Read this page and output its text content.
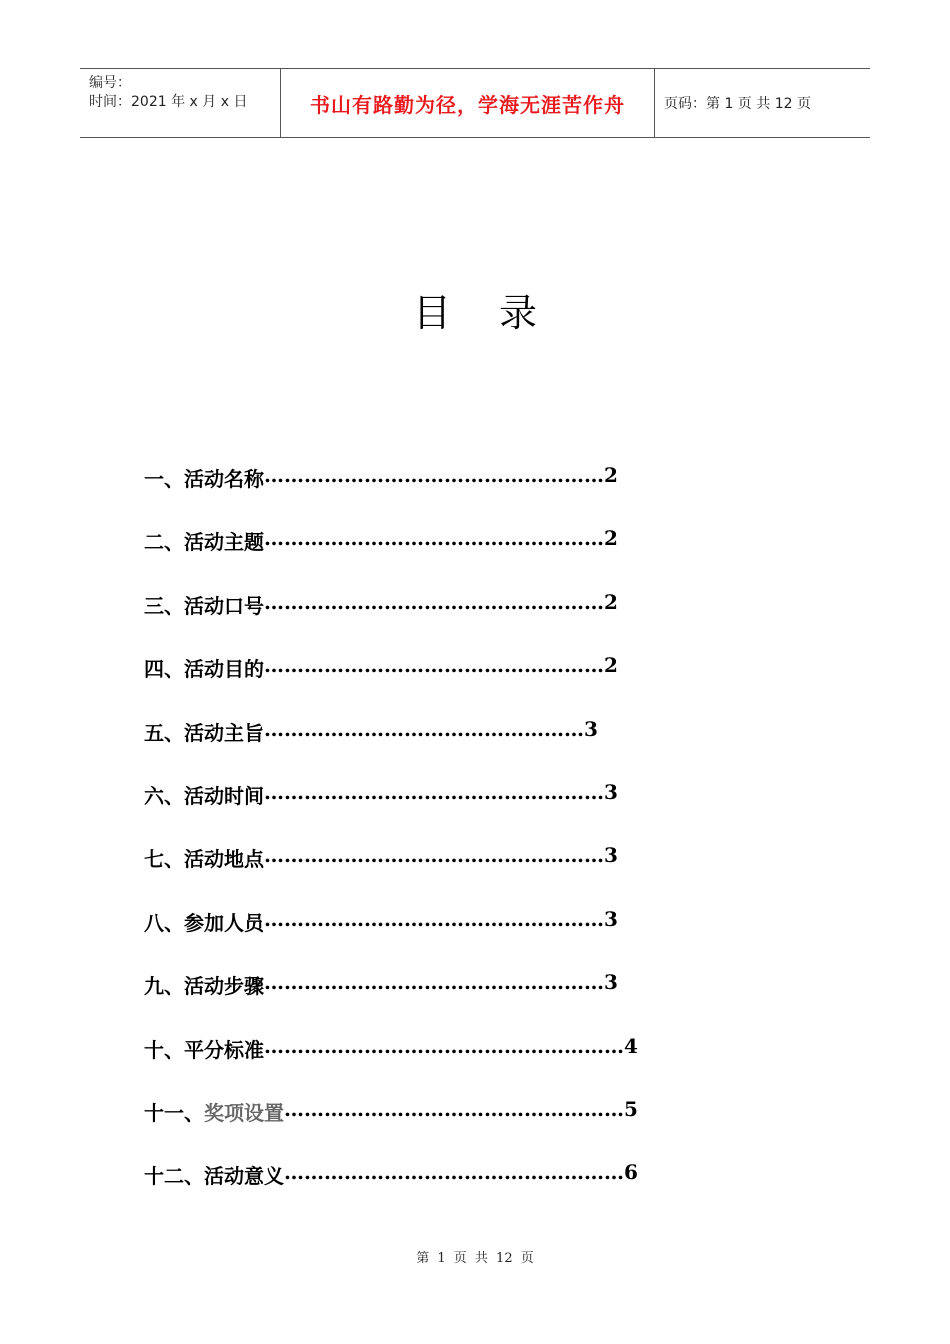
编号：
时间：2021 年 x 月 x 日	书山有路勤为径，学海无涯苦作舟	页码：第 1 页 共 12 页
目录
一、 活动名称 …………………………………………… 2
二、 活动主题 …………………………………………… 2
三、 活动口号 …………………………………………… 2
四、 活动目的 …………………………………………… 2
五、 活动主旨 ………………………………………… 3
六、 活动时间 …………………………………………… 3
七、 活动地点 …………………………………………… 3
八、 参加人员 …………………………………………… 3
九、 活动步骤 …………………………………………… 3
十、 平分标准 ……………………………………………… 4
十一、 奖项设置 …………………………………………… 5
十二、 活动意义 …………………………………………… 6
第 1 页 共 12 页
